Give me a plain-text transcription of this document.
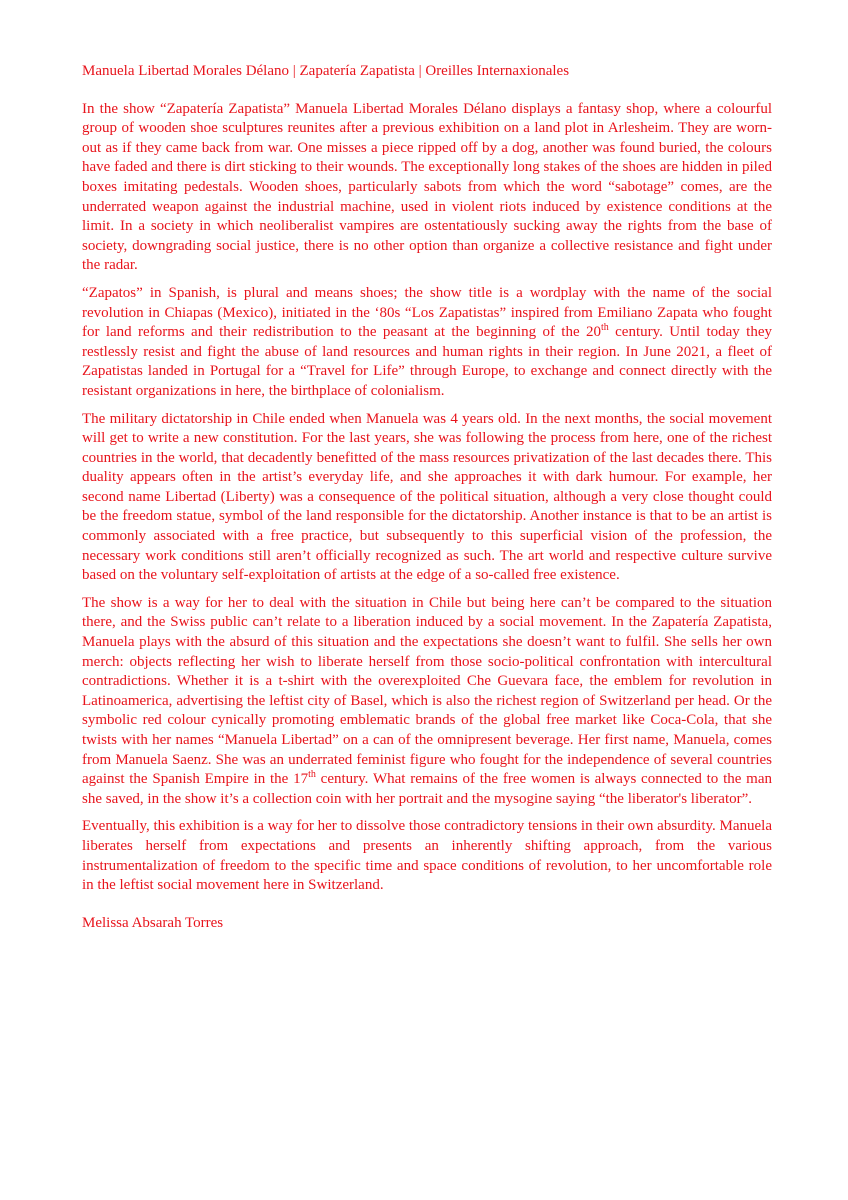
Manuela Libertad Morales Délano | Zapatería Zapatista | Oreilles Internaxionales

In the show “Zapatería Zapatista” Manuela Libertad Morales Délano displays a fantasy shop, where a colourful group of wooden shoe sculptures reunites after a previous exhibition on a land plot in Arlesheim. They are worn-out as if they came back from war. One misses a piece ripped off by a dog, another was found buried, the colours have faded and there is dirt sticking to their wounds. The exceptionally long stakes of the shoes are hidden in piled boxes imitating pedestals. Wooden shoes, particularly sabots from which the word “sabotage” comes, are the underrated weapon against the industrial machine, used in violent riots induced by existence conditions at the limit. In a society in which neoliberalist vampires are ostentatiously sucking away the rights from the base of society, downgrading social justice, there is no other option than organize a collective resistance and fight under the radar.

“Zapatos” in Spanish, is plural and means shoes; the show title is a wordplay with the name of the social revolution in Chiapas (Mexico), initiated in the ‘80s “Los Zapatistas” inspired from Emiliano Zapata who fought for land reforms and their redistribution to the peasant at the beginning of the 20th century. Until today they restlessly resist and fight the abuse of land resources and human rights in their region. In June 2021, a fleet of Zapatistas landed in Portugal for a “Travel for Life” through Europe, to exchange and connect directly with the resistant organizations in here, the birthplace of colonialism.

The military dictatorship in Chile ended when Manuela was 4 years old. In the next months, the social movement will get to write a new constitution. For the last years, she was following the process from here, one of the richest countries in the world, that decadently benefitted of the mass resources privatization of the last decades there. This duality appears often in the artist’s everyday life, and she approaches it with dark humour. For example, her second name Libertad (Liberty) was a consequence of the political situation, although a very close thought could be the freedom statue, symbol of the land responsible for the dictatorship. Another instance is that to be an artist is commonly associated with a free practice, but subsequently to this superficial vision of the profession, the necessary work conditions still aren’t officially recognized as such. The art world and respective culture survive based on the voluntary self-exploitation of artists at the edge of a so-called free existence.

The show is a way for her to deal with the situation in Chile but being here can’t be compared to the situation there, and the Swiss public can’t relate to a liberation induced by a social movement. In the Zapatería Zapatista, Manuela plays with the absurd of this situation and the expectations she doesn’t want to fulfil. She sells her own merch: objects reflecting her wish to liberate herself from those socio-political confrontation with intercultural contradictions. Whether it is a t-shirt with the overexploited Che Guevara face, the emblem for revolution in Latinoamerica, advertising the leftist city of Basel, which is also the richest region of Switzerland per head. Or the symbolic red colour cynically promoting emblematic brands of the global free market like Coca-Cola, that she twists with her names “Manuela Libertad” on a can of the omnipresent beverage. Her first name, Manuela, comes from Manuela Saenz. She was an underrated feminist figure who fought for the independence of several countries against the Spanish Empire in the 17th century. What remains of the free women is always connected to the man she saved, in the show it’s a collection coin with her portrait and the mysogine saying “the liberator's liberator”.

Eventually, this exhibition is a way for her to dissolve those contradictory tensions in their own absurdity. Manuela liberates herself from expectations and presents an inherently shifting approach, from the various instrumentalization of freedom to the specific time and space conditions of revolution, to her uncomfortable role in the leftist social movement here in Switzerland.

Melissa Absarah Torres
